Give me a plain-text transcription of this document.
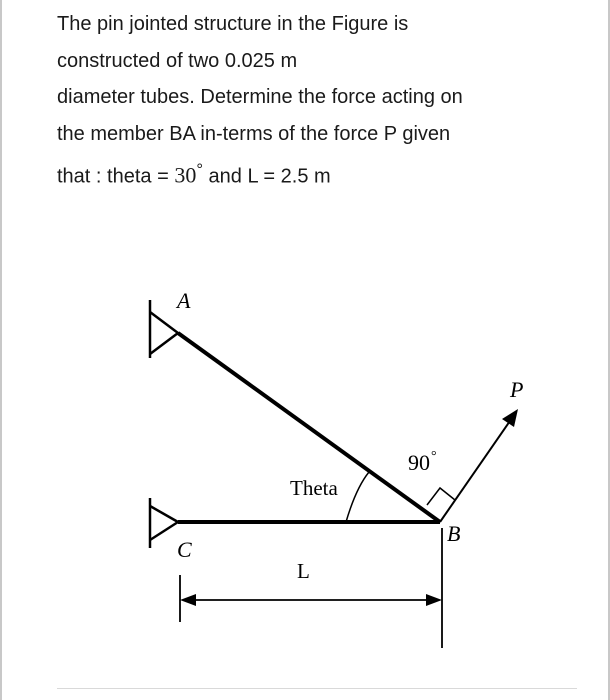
The pin jointed structure in the Figure is

constructed of two 0.025 m

diameter tubes. Determine the force acting on

the member BA in-terms of the force P given

that : theta = 30° and L = 2.5 m

A
C
B
P
Theta
90 °
L
